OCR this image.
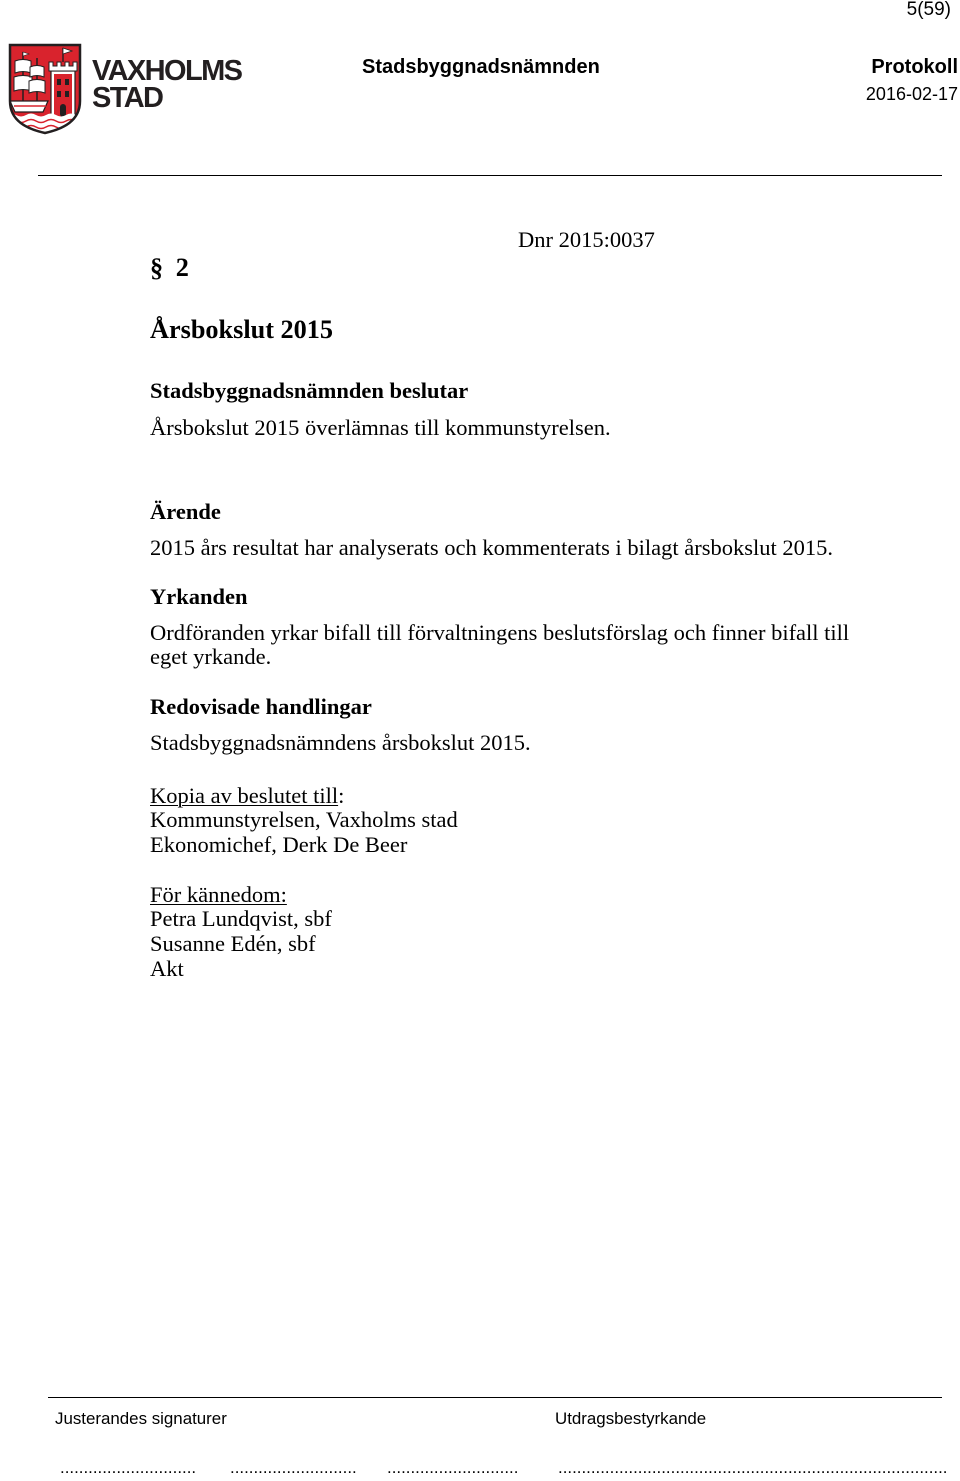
5(59)
VAXHOLMS
STAD
Stadsbyggnadsnämnden	Protokoll
2016-02-17
Dnr 2015:0037
§ 2
Årsbokslut 2015
Stadsbyggnadsnämnden beslutar
Årsbokslut 2015 överlämnas till kommunstyrelsen.
Ärende
2015 års resultat har analyserats och kommenterats i bilagt årsbokslut 2015.
Yrkanden
Ordföranden yrkar bifall till förvaltningens beslutsförslag och finner bifall till eget yrkande.
Redovisade handlingar
Stadsbyggnadsnämndens årsbokslut 2015.
Kopia av beslutet till:
Kommunstyrelsen, Vaxholms stad
Ekonomichef, Derk De Beer
För kännedom:
Petra Lundqvist, sbf
Susanne Edén, sbf
Akt
Justerandes signaturer	Utdragsbestyrkande
............................. ...........................	............................ ...................................................................................
